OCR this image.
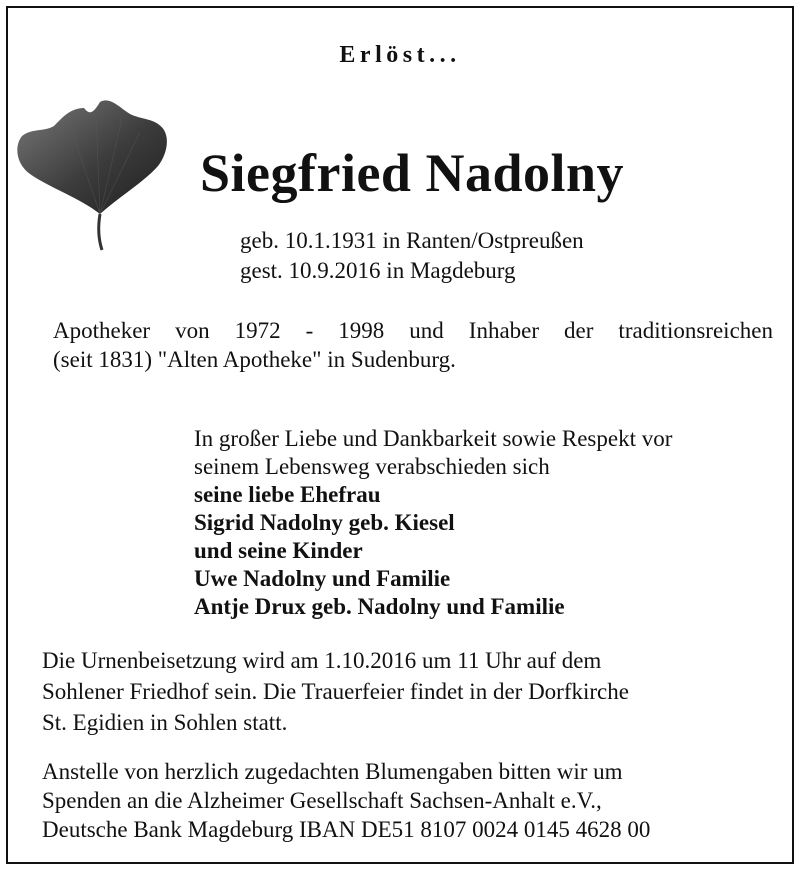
Erlöst...
Siegfried Nadolny
geb. 10.1.1931 in Ranten/Ostpreußen
gest. 10.9.2016 in Magdeburg
Apotheker von 1972 - 1998 und Inhaber der traditionsreichen
(seit 1831) "Alten Apotheke" in Sudenburg.
In großer Liebe und Dankbarkeit sowie Respekt vor
seinem Lebensweg verabschieden sich
seine liebe Ehefrau
Sigrid Nadolny geb. Kiesel
und seine Kinder
Uwe Nadolny und Familie
Antje Drux geb. Nadolny und Familie
Die Urnenbeisetzung wird am 1.10.2016 um 11 Uhr auf dem
Sohlener Friedhof sein. Die Trauerfeier findet in der Dorfkirche
St. Egidien in Sohlen statt.
Anstelle von herzlich zugedachten Blumengaben bitten wir um
Spenden an die Alzheimer Gesellschaft Sachsen-Anhalt e.V.,
Deutsche Bank Magdeburg IBAN DE51 8107 0024 0145 4628 00
